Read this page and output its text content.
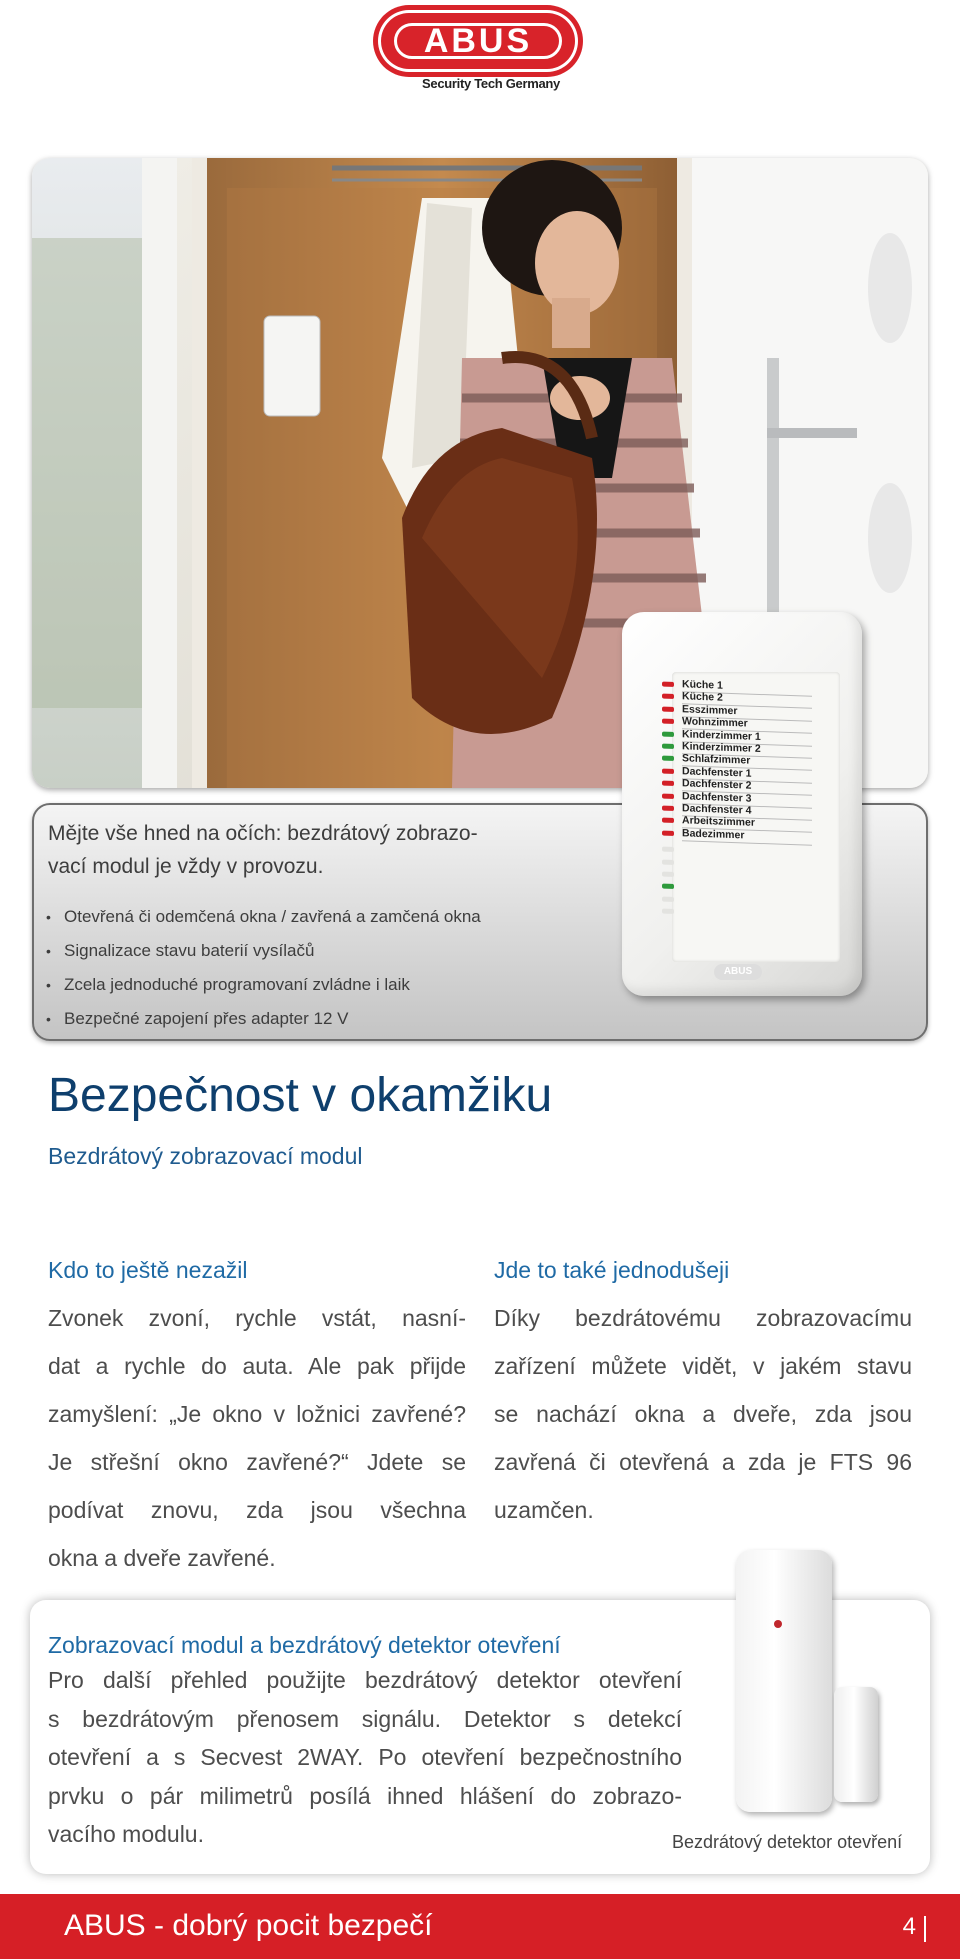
ABUS
Security Tech Germany

Mějte vše hned na očích: bezdrátový zobrazo-
vací modul je vždy v provozu.

• Otevřená či odemčená okna / zavřená a zamčená okna
• Signalizace stavu baterií vysílačů
• Zcela jednoduché programovaní zvládne i laik
• Bezpečné zapojení přes adapter 12 V
Küche 1
Küche 2
Esszimmer
Wohnzimmer
Kinderzimmer 1
Kinderzimmer 2
Schlafzimmer
Dachfenster 1
Dachfenster 2
Dachfenster 3
Dachfenster 4
Arbeitszimmer
Badezimmer
ABUS
Bezpečnost v okamžiku
Bezdrátový zobrazovací modul
Kdo to ještě nezažil
Zvonek zvoní, rychle vstát, nasní-
dat a rychle do auta. Ale pak přijde
zamyšlení: „Je okno v ložnici zavřené?
Je střešní okno zavřené?“ Jdete se
podívat znovu, zda jsou všechna
okna a dveře zavřené.
Jde to také jednodušeji
Díky bezdrátovému zobrazovacímu
zařízení můžete vidět, v jakém stavu
se nachází okna a dveře, zda jsou
zavřená či otevřená a zda je FTS 96
uzamčen.
Zobrazovací modul a bezdrátový detektor otevření
Pro další přehled použijte bezdrátový detektor otevření
s bezdrátovým přenosem signálu. Detektor s detekcí
otevření a s Secvest 2WAY. Po otevření bezpečnostního
prvku o pár milimetrů posílá ihned hlášení do zobrazo-
vacího modulu.	Bezdrátový detektor otevření

ABUS - dobrý pocit bezpečí	4
